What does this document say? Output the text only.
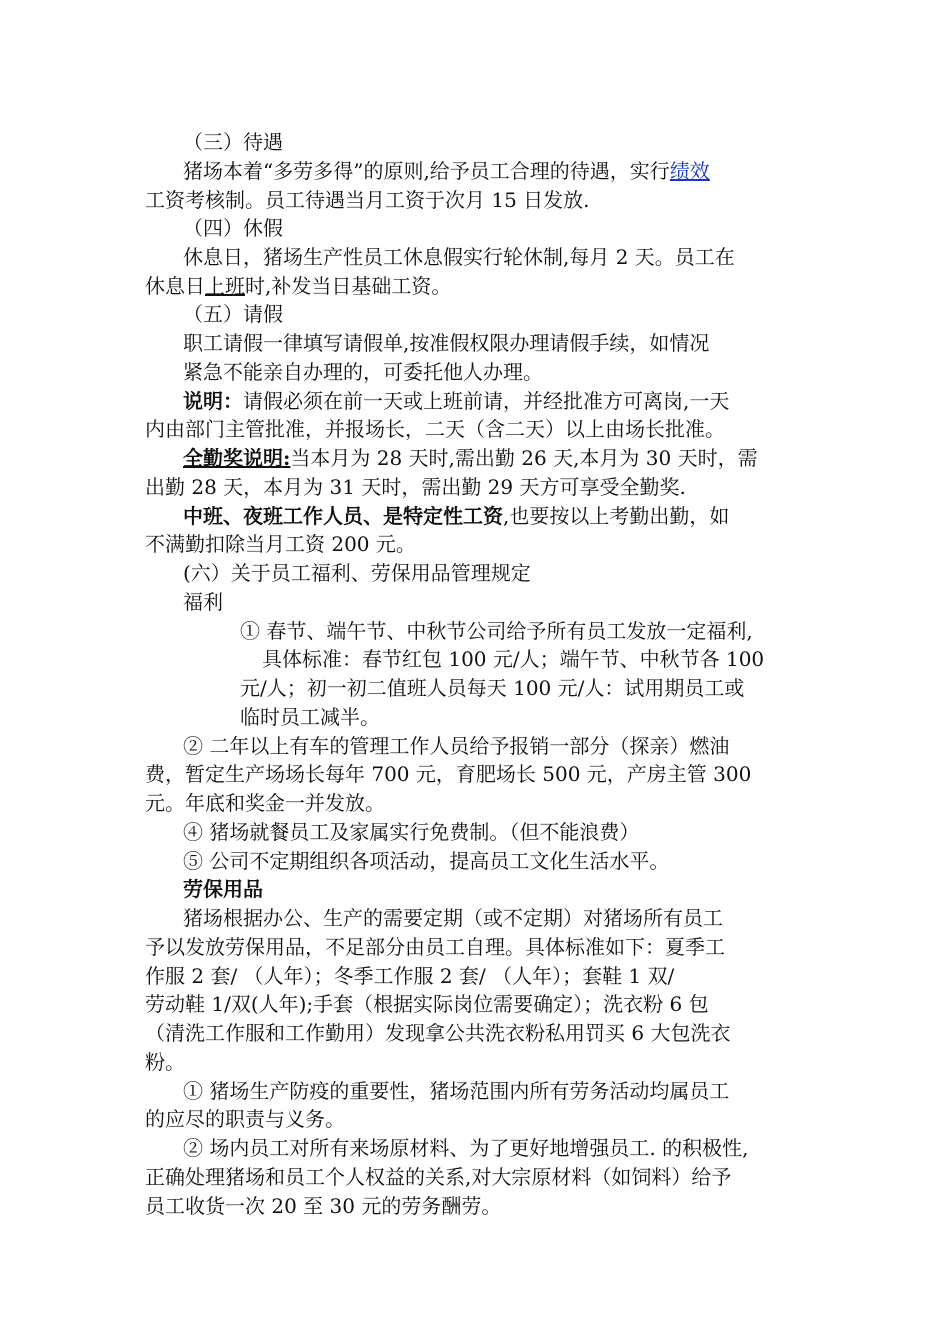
（三）待遇
猪场本着“多劳多得”的原则,给予员工合理的待遇，实行绩效
工资考核制。员工待遇当月工资于次月 15 日发放.
（四）休假
休息日，猪场生产性员工休息假实行轮休制,每月 2 天。员工在
休息日上班时,补发当日基础工资。
（五）请假
职工请假一律填写请假单,按准假权限办理请假手续，如情况
紧急不能亲自办理的，可委托他人办理。
说明：请假必须在前一天或上班前请，并经批准方可离岗,一天
内由部门主管批准，并报场长，二天（含二天）以上由场长批准。
全勤奖说明:当本月为 28 天时,需出勤 26 天,本月为 30 天时，需
出勤 28 天，本月为 31 天时，需出勤 29 天方可享受全勤奖.
中班、夜班工作人员、是特定性工资,也要按以上考勤出勤，如
不满勤扣除当月工资 200 元。
(六）关于员工福利、劳保用品管理规定
福利
① 春节、端午节、中秋节公司给予所有员工发放一定福利,
具体标准：春节红包 100 元/人；端午节、中秋节各 100
元/人；初一初二值班人员每天 100 元/人：试用期员工或
临时员工减半。
② 二年以上有车的管理工作人员给予报销一部分（探亲）燃油
费，暂定生产场场长每年 700 元，育肥场长 500 元，产房主管 300
元。年底和奖金一并发放。
④ 猪场就餐员工及家属实行免费制。（但不能浪费）
⑤ 公司不定期组织各项活动，提高员工文化生活水平。
劳保用品
猪场根据办公、生产的需要定期（或不定期）对猪场所有员工
予以发放劳保用品，不足部分由员工自理。具体标准如下：夏季工
作服 2 套/ （人年）；冬季工作服 2 套/ （人年）；套鞋 1 双/
劳动鞋 1/双(人年);手套（根据实际岗位需要确定）；洗衣粉 6 包
（清洗工作服和工作勤用）发现拿公共洗衣粉私用罚买 6 大包洗衣
粉。
① 猪场生产防疫的重要性，猪场范围内所有劳务活动均属员工
的应尽的职责与义务。
② 场内员工对所有来场原材料、为了更好地增强员工. 的积极性,
正确处理猪场和员工个人权益的关系,对大宗原材料（如饲料）给予
员工收货一次 20 至 30 元的劳务酬劳。
